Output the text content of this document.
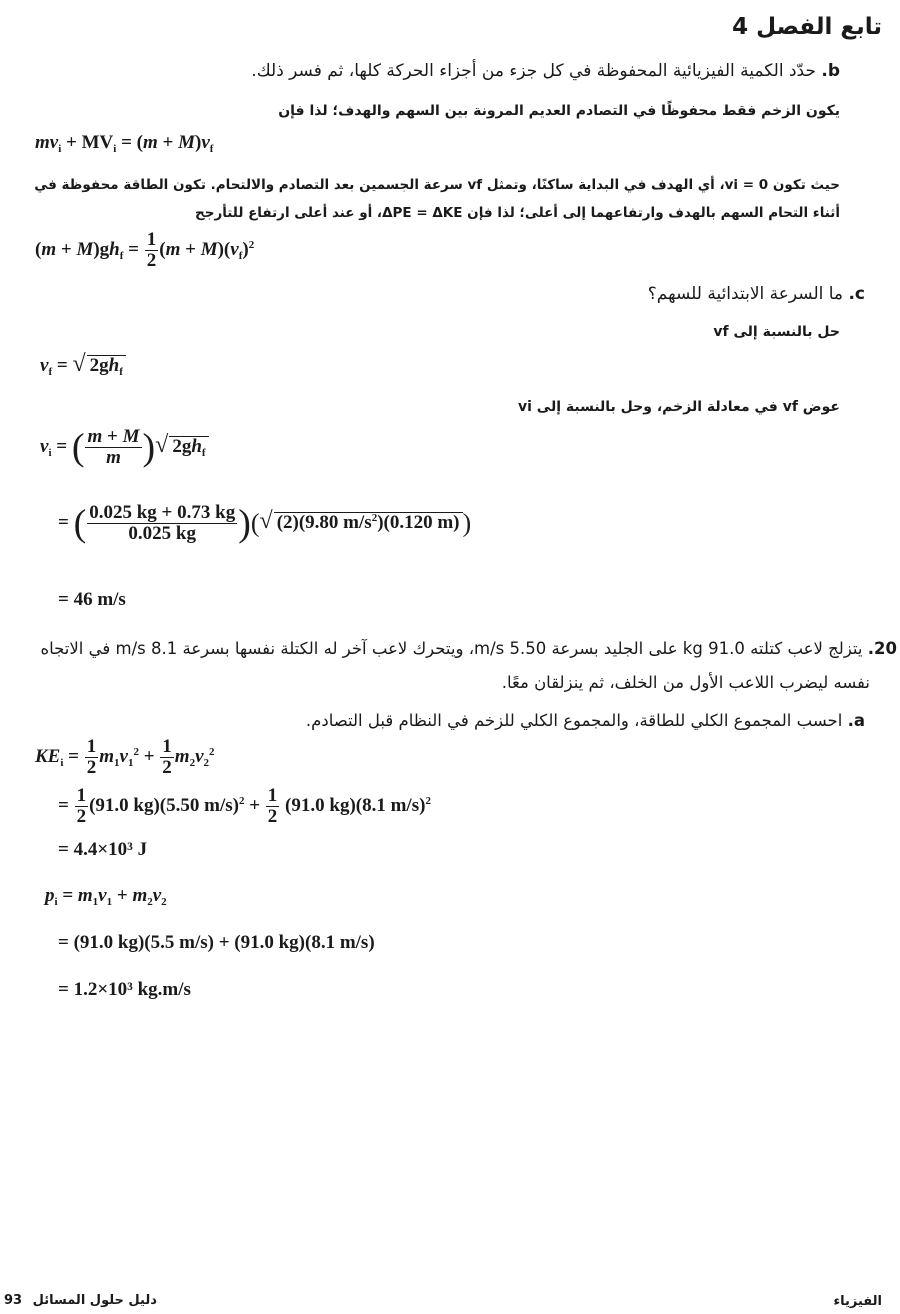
تابع الفصل 4
b. حدّد الكمية الفيزيائية المحفوظة في كل جزء من أجزاء الحركة كلها، ثم فسر ذلك.
يكون الزخم فقط محفوظًا في التصادم العديم المرونة بين السهم والهدف؛ لذا فإن
$mv_i + MV_i = (m + M)v_f$
حيث تكون vi = 0، أي الهدف في البداية ساكنًا، وتمثل vf سرعة الجسمين بعد التصادم والالتحام. تكون الطاقة محفوظة في
أثناء التحام السهم بالهدف وارتفاعهما إلى أعلى؛ لذا فإن ΔPE = ΔKE، أو عند أعلى ارتفاع للتأرجح
$(m + M)gh_f = \frac{1}{2} (m + M)(v_f)^2$
c. ما السرعة الابتدائية للسهم؟
حل بالنسبة إلى vf
$v_f$ = √ $2gh_f$
عوض vf في معادلة الزخم، وحل بالنسبة إلى vi
$v_i$ = ( $\frac{m + M}{m}$ )√ $2gh_f$
= ( $\frac{0.025 kg + 0.73 kg}{0.025 kg}$ )(√ (2)(9.80 $m/s^2)(0.120$ m) )
= 46 m/s
20. يتزلج لاعب كتلته 91.0 kg على الجليد بسرعة 5.50 m/s، ويتحرك لاعب آخر له الكتلة نفسها بسرعة 8.1 m/s في الاتجاه
نفسه ليضرب اللاعب الأول من الخلف، ثم ينزلقان معًا.
a. احسب المجموع الكلي للطاقة، والمجموع الكلي للزخم في النظام قبل التصادم.
$KE_i = \frac{1}{2} m_1v_1^2 + \frac{1}{2} m_2v_2^2$
= $\frac{1}{2} (91.0$ kg)(5.50 $m/s)^2 + \frac{1}{2} (91.0$ kg)(8.1 m/s)$^2$
= 4.4×10³ J
$p_i = m_1v_1 + m_2v_2$
= (91.0 kg)(5.5 m/s) + (91.0 kg)(8.1 m/s)
= 1.2×10³ kg.m/s
الفيزياء
93 دليل حلول المسائل
